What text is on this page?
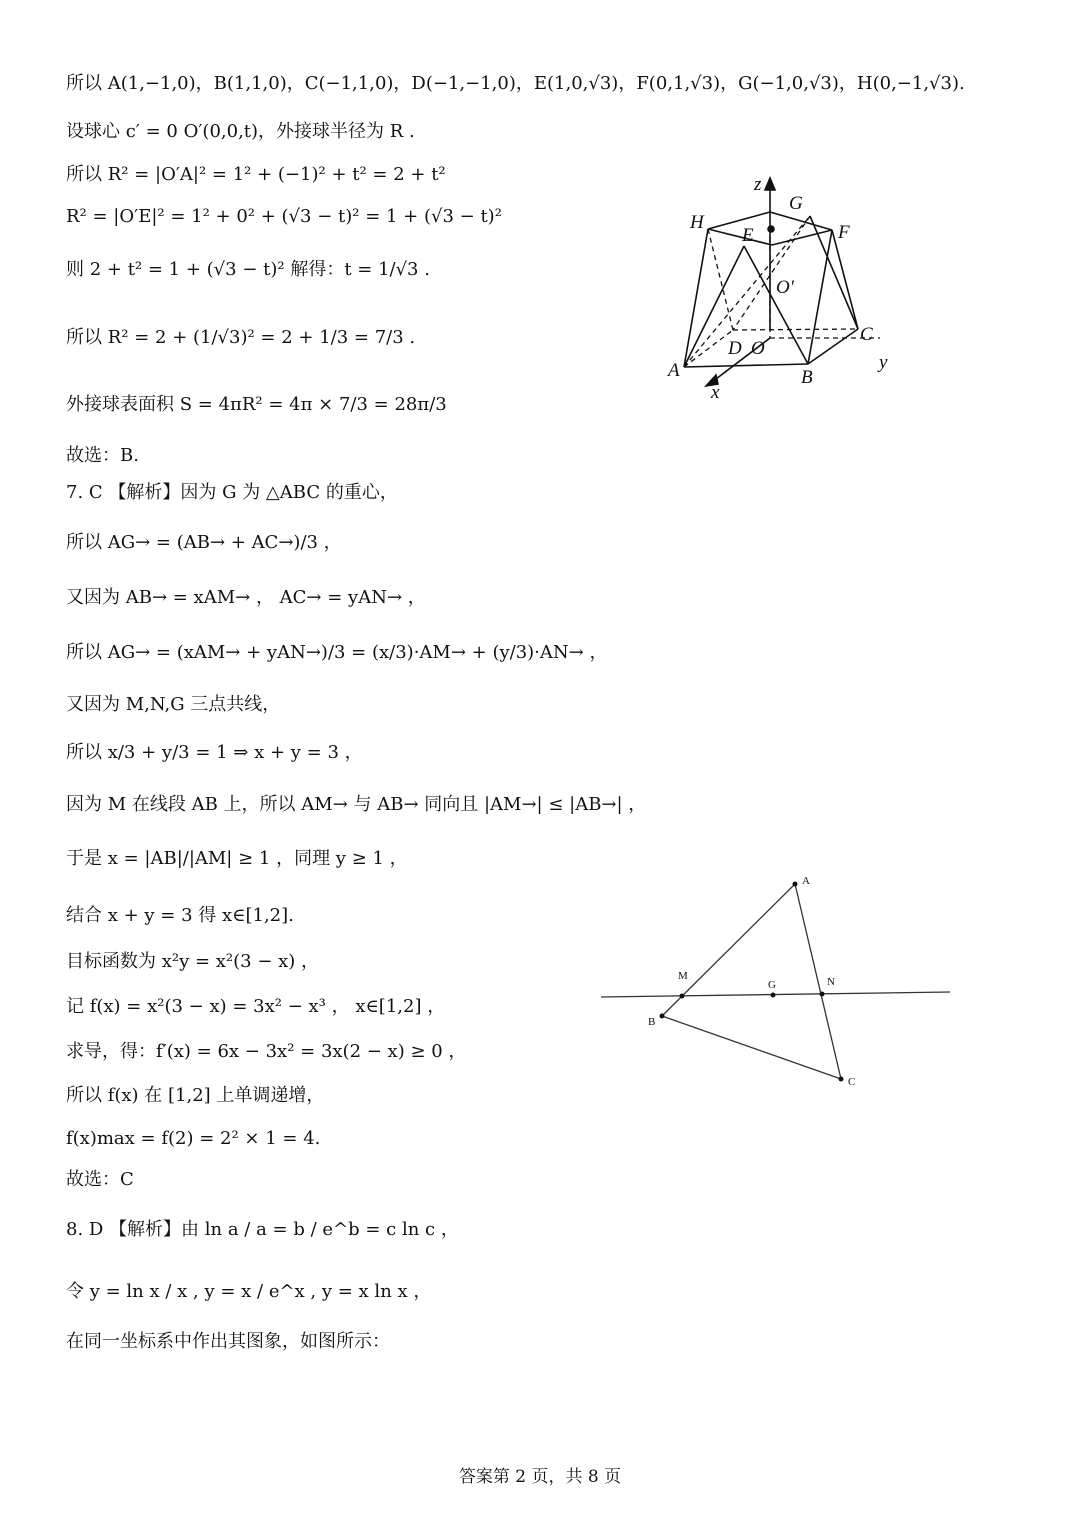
所以 A(1,−1,0)，B(1,1,0)，C(−1,1,0)，D(−1,−1,0)，E(1,0,√3)，F(0,1,√3)，G(−1,0,√3)，H(0,−1,√3).
设球心 c′ = 0 O′(0,0,t)，外接球半径为 R .
所以 R² = |O′A|² = 1² + (−1)² + t² = 2 + t²
R² = |O′E|² = 1² + 0² + (√3 − t)² = 1 + (√3 − t)²
则 2 + t² = 1 + (√3 − t)² 解得：t = 1/√3 .
所以 R² = 2 + (1/√3)² = 2 + 1/3 = 7/3 .
外接球表面积 S = 4πR² = 4π × 7/3 = 28π/3
故选：B.
7. C 【解析】因为 G 为 △ABC 的重心，
所以 AG→ = (AB→ + AC→)/3 ，
又因为 AB→ = xAM→ ， AC→ = yAN→ ，
所以 AG→ = (xAM→ + yAN→)/3 = (x/3)·AM→ + (y/3)·AN→ ，
又因为 M,N,G 三点共线，
所以 x/3 + y/3 = 1 ⇒ x + y = 3 ，
因为 M 在线段 AB 上，所以 AM→ 与 AB→ 同向且 |AM→| ≤ |AB→| ，
于是 x = |AB|/|AM| ≥ 1 ，同理 y ≥ 1 ，
结合 x + y = 3 得 x∈[1,2].
目标函数为 x²y = x²(3 − x) ，
记 f(x) = x²(3 − x) = 3x² − x³ ， x∈[1,2] ，
求导，得：f′(x) = 6x − 3x² = 3x(2 − x) ≥ 0 ，
所以 f(x) 在 [1,2] 上单调递增，
f(x)max = f(2) = 2² × 1 = 4.
故选：C
8. D 【解析】由 ln a / a = b / e^b = c ln c ，
令 y = ln x / x , y = x / e^x , y = x ln x ，
在同一坐标系中作出其图象，如图所示：
z
G
H
E	F
O′
D O
C
A	B
y
x
A
M
G	N
B
C
答案第 2 页，共 8 页
